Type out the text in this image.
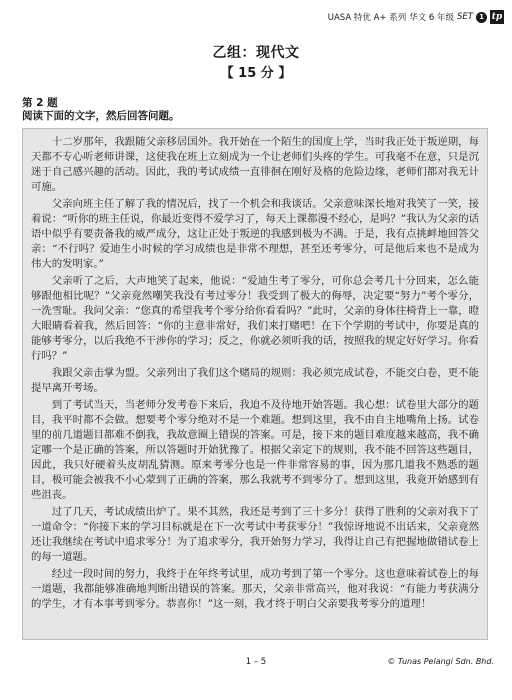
UASA 特优 A+ 系列 华文 6 年级 SET 1 tp
乙组：现代文
【 15 分 】
第 2 题
阅读下面的文字，然后回答问题。

十二岁那年，我跟随父亲移居国外。我开始在一个陌生的国度上学，当时我正处于叛逆期，每天都不专心听老师讲课，这使我在班上立刻成为一个让老师们头疼的学生。可我毫不在意，只是沉迷于自己感兴趣的活动。因此，我的考试成绩一直徘徊在刚好及格的危险边缘，老师们都对我无计可施。

父亲向班主任了解了我的情况后，找了一个机会和我谈话。父亲意味深长地对我笑了一笑，接着说：“听你的班主任说，你最近变得不爱学习了，每天上课都漫不经心，是吗？”我认为父亲的话语中似乎有要责备我的威严成分，这让正处于叛逆的我感到极为不满。于是，我有点挑衅地回答父亲：“不行吗？爱迪生小时候的学习成绩也是非常不理想，甚至还考零分，可是他后来也不是成为伟大的发明家。”

父亲听了之后，大声地笑了起来，他说：“爱迪生考了零分，可你总会考几十分回来，怎么能够跟他相比呢？”父亲竟然嘲笑我没有考过零分！我受到了极大的侮辱，决定要“努力”考个零分，一洗雪耻。我问父亲：“您真的希望我考个零分给你看看吗？”此时，父亲的身体往椅背上一靠，瞪大眼睛看着我，然后回答：“你的主意非常好，我们来打赌吧！在下个学期的考试中，你要是真的能够考零分，以后我绝不干涉你的学习；反之，你就必须听我的话，按照我的规定好好学习。你看行吗？”

我跟父亲击掌为盟。父亲列出了我们这个赌局的规则：我必须完成试卷，不能交白卷，更不能提早离开考场。

到了考试当天，当老师分发考卷下来后，我迫不及待地开始答题。我心想：试卷里大部分的题目，我平时都不会做。想要考个零分绝对不是一个难题。想到这里，我不由自主地嘴角上扬。试卷里的前几道题目都难不倒我，我故意圈上错误的答案。可是，接下来的题目难度越来越高，我不确定哪一个是正确的答案，所以答题时开始犹豫了。根据父亲定下的规则，我不能不回答这些题目，因此，我只好硬着头皮胡乱猜测。原来考零分也是一件非常容易的事，因为那几道我不熟悉的题目，极可能会被我不小心蒙到了正确的答案，那么我就考不到零分了。想到这里，我竟开始感到有些沮丧。

过了几天，考试成绩出炉了。果不其然，我还是考到了三十多分！获得了胜利的父亲对我下了一道命令：“你接下来的学习目标就是在下一次考试中考获零分！”我惊讶地说不出话来，父亲竟然还让我继续在考试中追求零分！为了追求零分，我开始努力学习，我得让自己有把握地做错试卷上的每一道题。

经过一段时间的努力，我终于在年终考试里，成功考到了第一个零分。这也意味着试卷上的每一道题，我都能够准确地判断出错误的答案。那天，父亲非常高兴，他对我说：“有能力考获满分的学生，才有本事考到零分。恭喜你！”这一刻，我才终于明白父亲要我考零分的道理！

1 – 5	© Tunas Pelangi Sdn. Bhd.
